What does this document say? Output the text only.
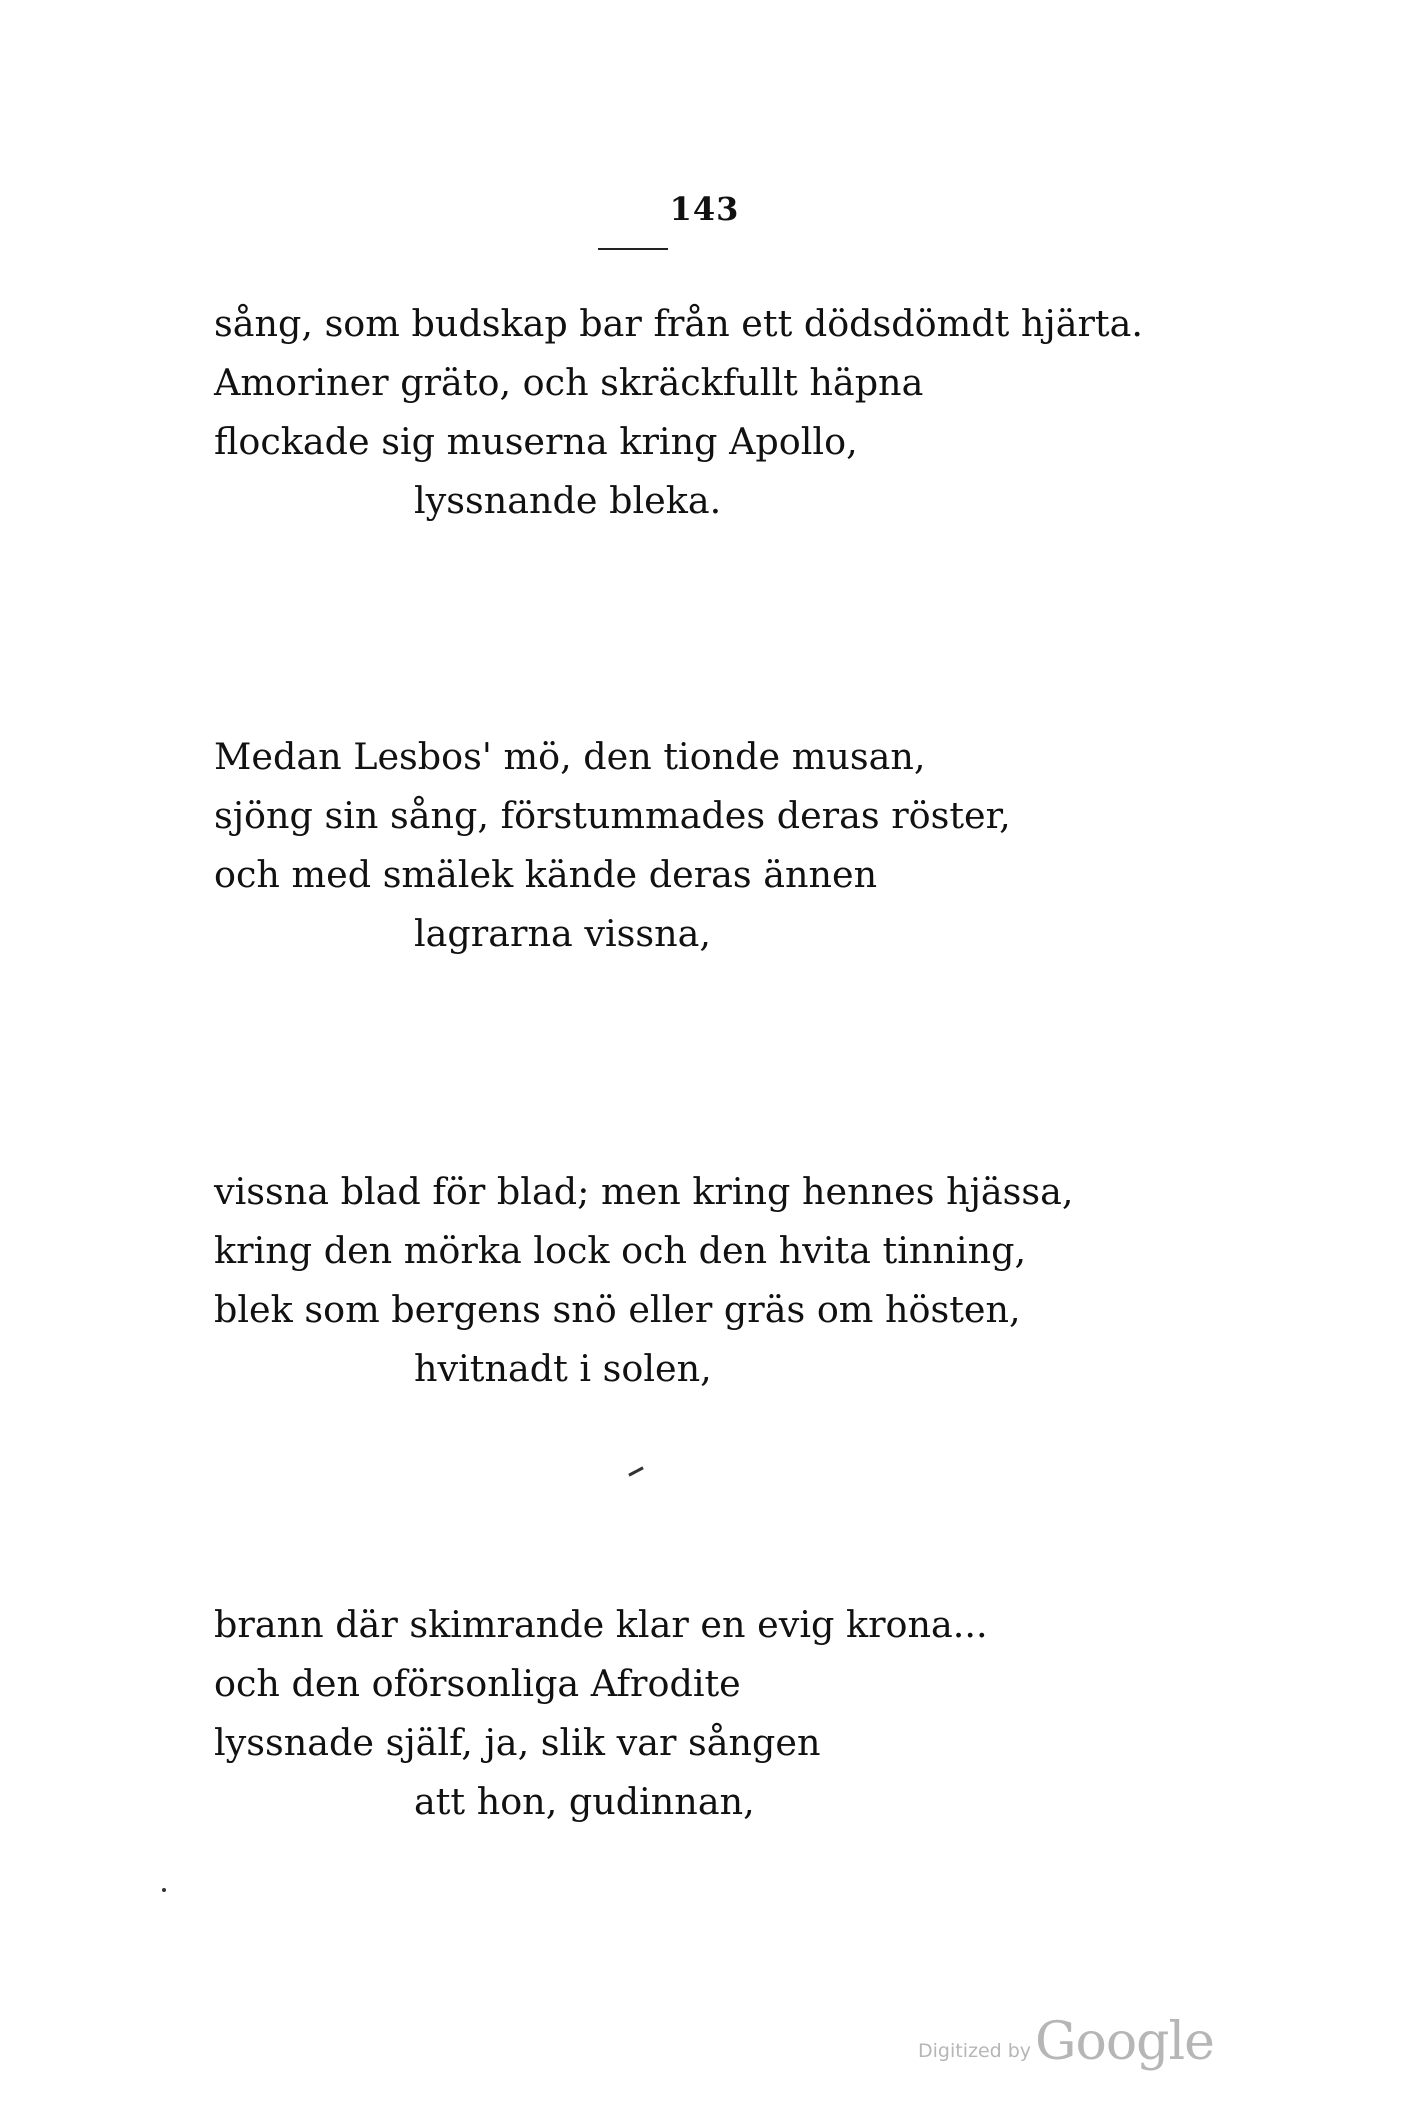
143
sång, som budskap bar från ett dödsdömdt hjärta.
Amoriner gräto, och skräckfullt häpna
flockade sig muserna kring Apollo,
lyssnande bleka.
Medan Lesbos' mö, den tionde musan,
sjöng sin sång, förstummades deras röster,
och med smälek kände deras ännen
lagrarna vissna,
vissna blad för blad; men kring hennes hjässa,
kring den mörka lock och den hvita tinning,
blek som bergens snö eller gräs om hösten,
hvitnadt i solen,
brann där skimrande klar en evig krona...
och den oförsonliga Afrodite
lyssnade själf, ja, slik var sången
att hon, gudinnan,
Digitized by Google
